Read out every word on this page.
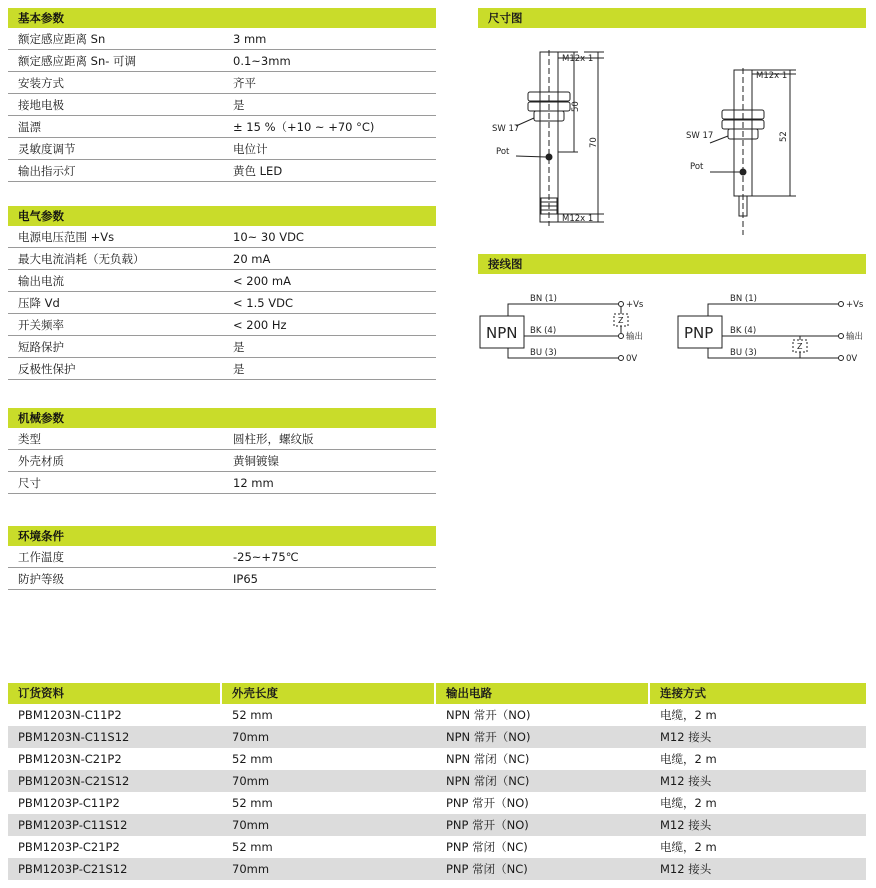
基本参数
额定感应距离 Sn	3 mm
额定感应距离 Sn- 可调	0.1~3mm
安装方式	齐平
接地电极	是
温漂	± 15 %（+10 ~ +70 °C)
灵敏度调节	电位计
输出指示灯	黄色 LED
电气参数
电源电压范围 +Vs	10~ 30 VDC
最大电流消耗（无负载）	20 mA
输出电流	< 200 mA
压降 Vd	< 1.5 VDC
开关频率	< 200 Hz
短路保护	是
反极性保护	是
机械参数
类型	圆柱形，螺纹版
外壳材质	黄铜镀镍
尺寸	12 mm
环境条件
工作温度	-25~+75℃
防护等级	IP65
尺寸图
M12x 1
M12x 1
SW 17
Pot
M12x 1
SW 17
Pot
50
70
52
接线图
NPN
BN (1)
BK (4)
BU (3)
+Vs
输出
0V
Z
PNP
BN (1)
BK (4)
BU (3)
+Vs
输出
0V
Z
订货资料	外壳长度	输出电路	连接方式
PBM1203N-C11P2	52 mm	NPN 常开（NO)	电缆，2 m
PBM1203N-C11S12	70mm	NPN 常开（NO)	M12 接头
PBM1203N-C21P2	52 mm	NPN 常闭（NC)	电缆，2 m
PBM1203N-C21S12	70mm	NPN 常闭（NC)	M12 接头
PBM1203P-C11P2	52 mm	PNP 常开（NO)	电缆，2 m
PBM1203P-C11S12	70mm	PNP 常开（NO)	M12 接头
PBM1203P-C21P2	52 mm	PNP 常闭（NC)	电缆，2 m
PBM1203P-C21S12	70mm	PNP 常闭（NC)	M12 接头
